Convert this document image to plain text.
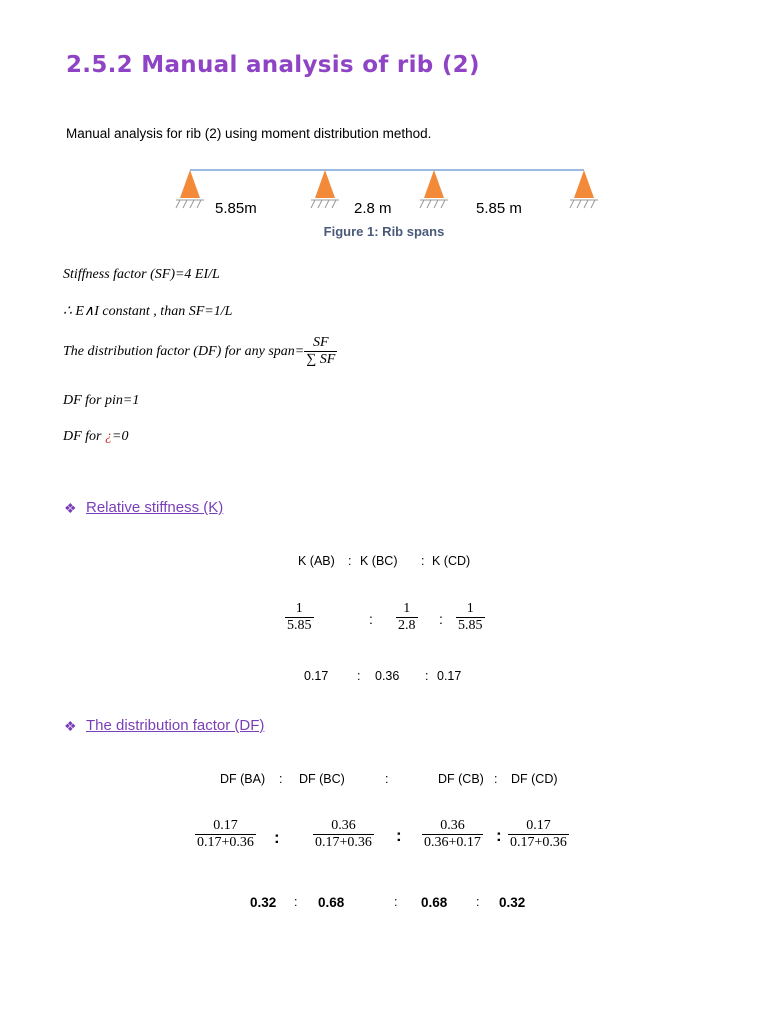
2.5.2 Manual analysis of rib (2)
Manual analysis for rib (2) using moment distribution method.
5.85m	2.8 m	5.85 m
Figure 1: Rib spans
Stiffness factor (SF)=4 EI/L
∴ E∧I constant , than SF=1/L
The distribution factor (DF) for any span= $\frac{SF}{\sum SF}$
DF for pin=1
DF for ¿=0
❖ Relative stiffness (K)
K (AB) : K (BC) : K (CD)
$\frac{1}{5.85}$	: $\frac{1}{2.8}$ : $\frac{1}{5.85}$
0.17 : 0.36 : 0.17
❖ The distribution factor (DF)
DF (BA) : DF (BC)	:	DF (CB) : DF (CD)
$\frac{0.17}{0.17+0.36}$ : $\frac{0.36}{0.17+0.36}$ : $\frac{0.36}{0.36+0.17}$ : $\frac{0.17}{0.17+0.36}$
0.32 : 0.68	: 0.68 : 0.32
